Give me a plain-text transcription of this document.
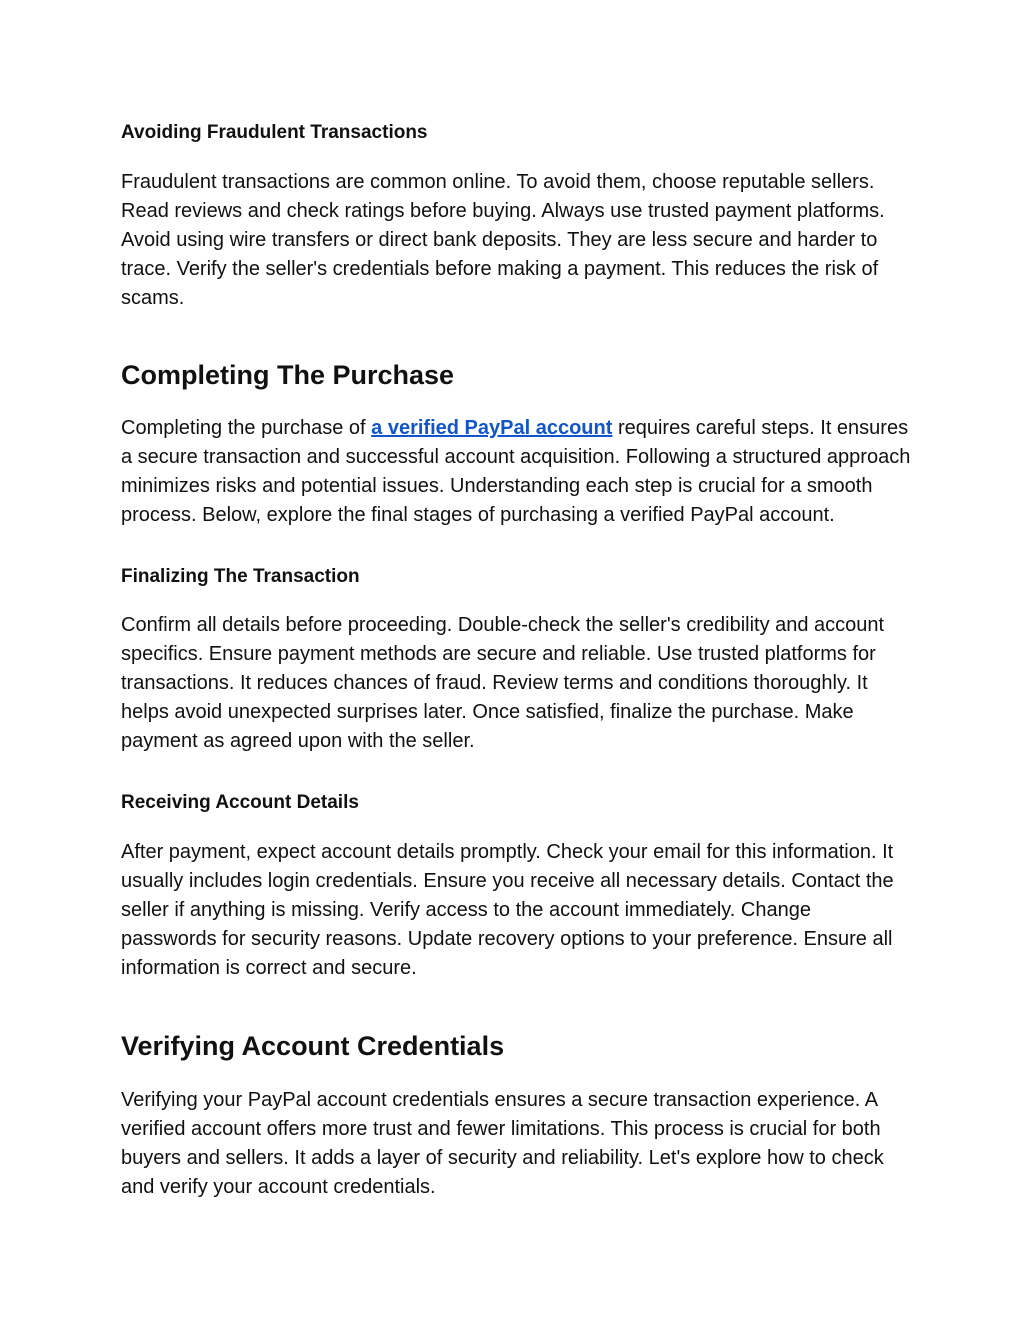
Avoiding Fraudulent Transactions

Fraudulent transactions are common online. To avoid them, choose reputable sellers. Read reviews and check ratings before buying. Always use trusted payment platforms. Avoid using wire transfers or direct bank deposits. They are less secure and harder to trace. Verify the seller's credentials before making a payment. This reduces the risk of scams.

Completing The Purchase

Completing the purchase of a verified PayPal account requires careful steps. It ensures a secure transaction and successful account acquisition. Following a structured approach minimizes risks and potential issues. Understanding each step is crucial for a smooth process. Below, explore the final stages of purchasing a verified PayPal account.

Finalizing The Transaction

Confirm all details before proceeding. Double-check the seller's credibility and account specifics. Ensure payment methods are secure and reliable. Use trusted platforms for transactions. It reduces chances of fraud. Review terms and conditions thoroughly. It helps avoid unexpected surprises later. Once satisfied, finalize the purchase. Make payment as agreed upon with the seller.

Receiving Account Details

After payment, expect account details promptly. Check your email for this information. It usually includes login credentials. Ensure you receive all necessary details. Contact the seller if anything is missing. Verify access to the account immediately. Change passwords for security reasons. Update recovery options to your preference. Ensure all information is correct and secure.

Verifying Account Credentials

Verifying your PayPal account credentials ensures a secure transaction experience. A verified account offers more trust and fewer limitations. This process is crucial for both buyers and sellers. It adds a layer of security and reliability. Let's explore how to check and verify your account credentials.
